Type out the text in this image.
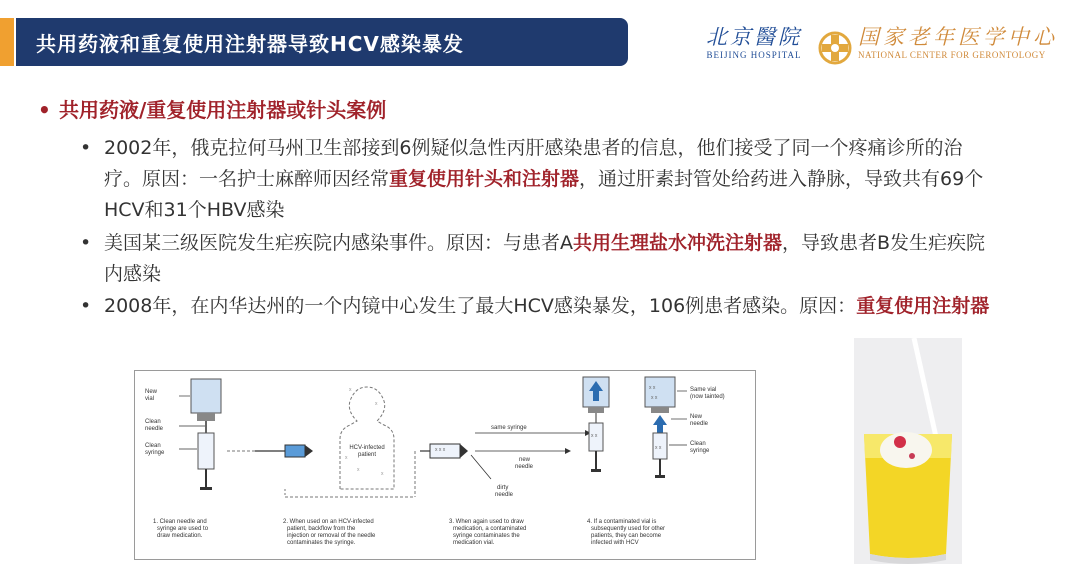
共用药液和重复使用注射器导致HCV感染暴发	北京醫院
BEIJING HOSPITAL
国家老年医学中心
NATIONAL CENTER FOR GERONTOLOGY
• 共用药液/重复使用注射器或针头案例
• 2002年，俄克拉何马州卫生部接到6例疑似急性丙肝感染患者的信息，他们接受了同一个疼痛诊所的治疗。原因：一名护士麻醉师因经常重复使用针头和注射器，通过肝素封管处给药进入静脉，导致共有69个HCV和31个HBV感染
• 美国某三级医院发生疟疾院内感染事件。原因：与患者A共用生理盐水冲洗注射器，导致患者B发生疟疾院内感染
• 2008年，在内华达州的一个内镜中心发生了最大HCV感染暴发，106例患者感染。原因：重复使用注射器
New vial
Clean needle
Clean syringe
x
x
x
x
x
HCV-infected patient
x x x
same syringe
new needle
dirty needle
x x
x x
x x
x x
Same vial (now tainted)
New needle
Clean syringe
1. Clean needle and syringe are used to draw medication.
2. When used on an HCV-infected patient, backflow from the injection or removal of the needle contaminates the syringe.
3. When again used to draw medication, a contaminated syringe contaminates the medication vial.
4. If a contaminated vial is subsequently used for other patients, they can become infected with HCV
